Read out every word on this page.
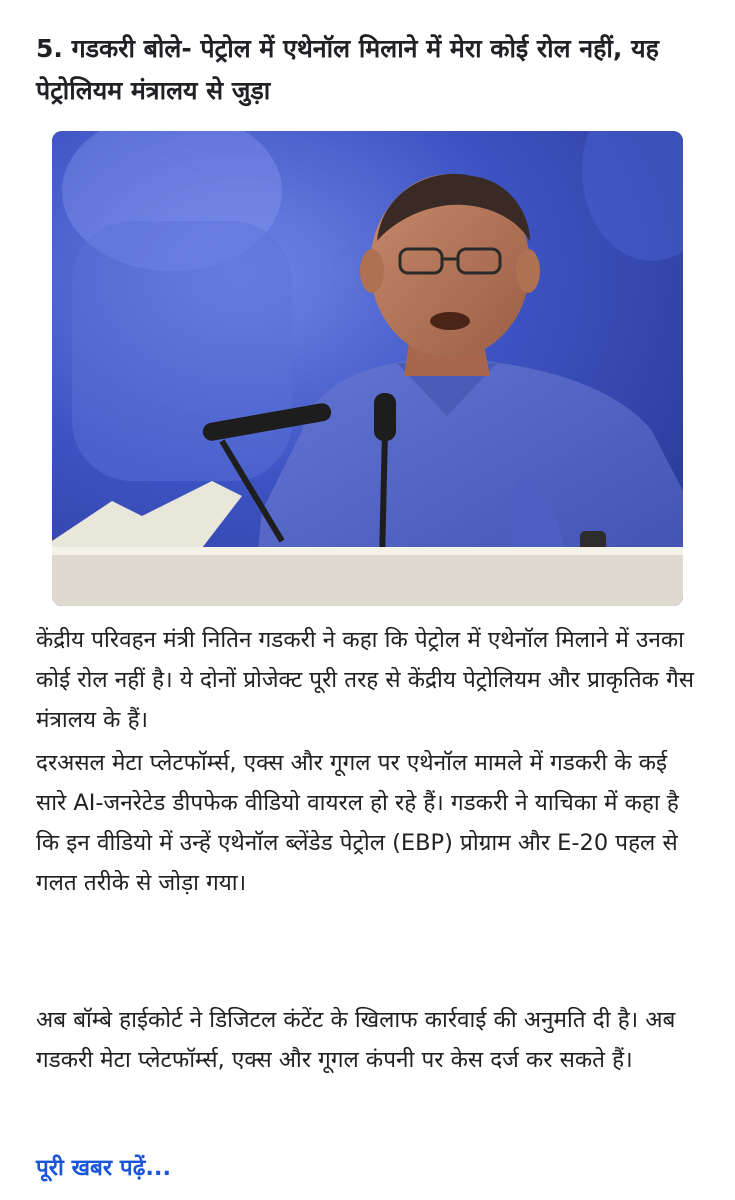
5. गडकरी बोले- पेट्रोल में एथेनॉल मिलाने में मेरा कोई रोल नहीं, यह पेट्रोलियम मंत्रालय से जुड़ा

केंद्रीय परिवहन मंत्री नितिन गडकरी ने कहा कि पेट्रोल में एथेनॉल मिलाने में उनका कोई रोल नहीं है। ये दोनों प्रोजेक्ट पूरी तरह से केंद्रीय पेट्रोलियम और प्राकृतिक गैस मंत्रालय के हैं।

दरअसल मेटा प्लेटफॉर्म्स, एक्स और गूगल पर एथेनॉल मामले में गडकरी के कई सारे AI-जनरेटेड डीपफेक वीडियो वायरल हो रहे हैं। गडकरी ने याचिका में कहा है कि इन वीडियो में उन्हें एथेनॉल ब्लेंडेड पेट्रोल (EBP) प्रोग्राम और E-20 पहल से गलत तरीके से जोड़ा गया।

अब बॉम्बे हाईकोर्ट ने डिजिटल कंटेंट के खिलाफ कार्रवाई की अनुमति दी है। अब गडकरी मेटा प्लेटफॉर्म्स, एक्स और गूगल कंपनी पर केस दर्ज कर सकते हैं।

पूरी खबर पढ़ें...
